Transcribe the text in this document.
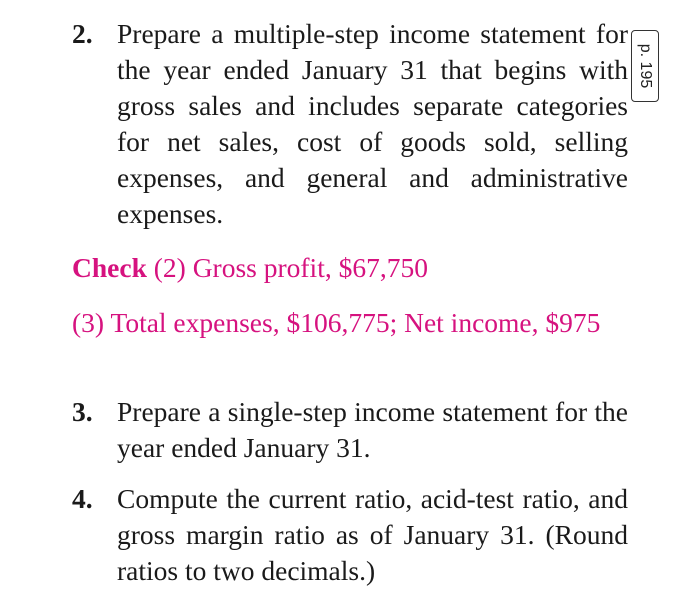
p. 195
2. Prepare a multiple-step income statement for the year ended January 31 that begins with gross sales and includes separate categories for net sales, cost of goods sold, selling expenses, and general and administrative expenses.
Check (2) Gross profit, $67,750
(3) Total expenses, $106,775; Net income, $975
3. Prepare a single-step income statement for the year ended January 31.
4. Compute the current ratio, acid-test ratio, and gross margin ratio as of January 31. (Round ratios to two decimals.)
